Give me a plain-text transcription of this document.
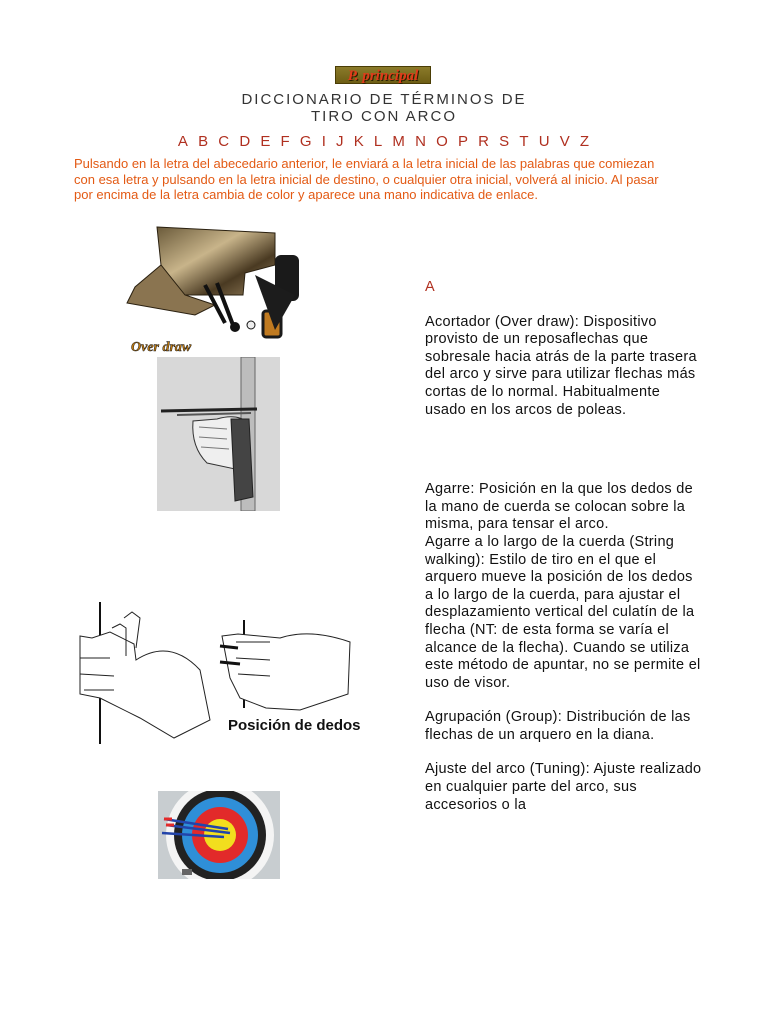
P. principal
DICCIONARIO DE TÉRMINOS DE
TIRO CON ARCO
A B C D E F G I J K L M N O P R S T U V Z
Pulsando en la letra del abecedario anterior, le enviará a la letra inicial de las palabras que comiezan con esa letra y pulsando en la letra inicial de destino, o cualquier otra inicial, volverá al inicio. Al pasar por encima de la letra cambia de color y aparece una mano indicativa de enlace.
Over draw
Posición de dedos
A

Acortador (Over draw): Dispositivo provisto de un reposaflechas que sobresale hacia atrás de la parte trasera del arco y sirve para utilizar flechas más cortas de lo normal. Habitualmente usado en los arcos de poleas.

Agarre: Posición en la que los dedos de la mano de cuerda se colocan sobre la misma, para tensar el arco.

Agarre a lo largo de la cuerda (String walking): Estilo de tiro en el que el arquero mueve la posición de los dedos a lo largo de la cuerda, para ajustar el desplazamiento vertical del culatín de la flecha (NT: de esta forma se varía el alcance de la flecha). Cuando se utiliza este método de apuntar, no se permite el uso de visor.

Agrupación (Group): Distribución de las flechas de un arquero en la diana.

Ajuste del arco (Tuning): Ajuste realizado en cualquier parte del arco, sus accesorios o la
